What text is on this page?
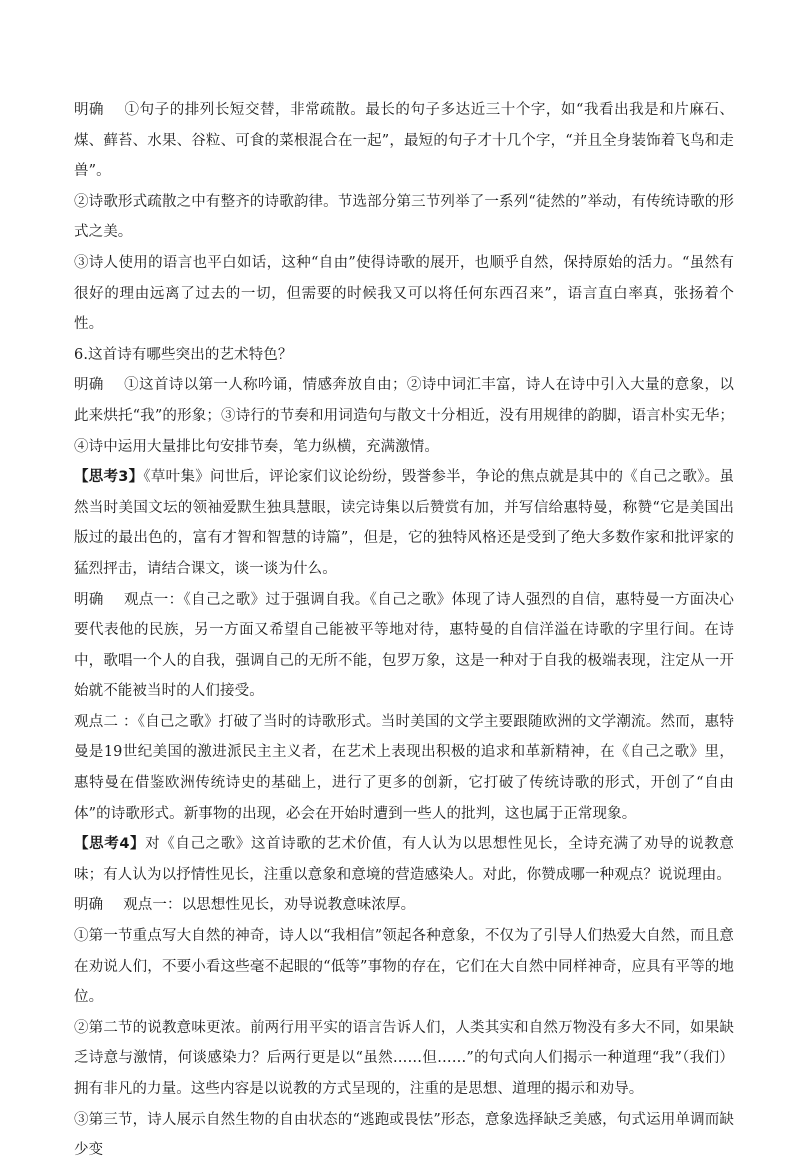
明确 ①句子的排列长短交替，非常疏散。最长的句子多达近三十个字，如“我看出我是和片麻石、煤、藓苔、水果、谷粒、可食的菜根混合在一起”，最短的句子才十几个字，“并且全身装饰着飞鸟和走兽”。

②诗歌形式疏散之中有整齐的诗歌韵律。节选部分第三节列举了一系列“徒然的”举动，有传统诗歌的形式之美。

③诗人使用的语言也平白如话，这种“自由”使得诗歌的展开，也顺乎自然，保持原始的活力。“虽然有很好的理由远离了过去的一切，但需要的时候我又可以将任何东西召来”，语言直白率真，张扬着个性。

6.这首诗有哪些突出的艺术特色？

明确 ①这首诗以第一人称吟诵，情感奔放自由；②诗中词汇丰富，诗人在诗中引入大量的意象，以此来烘托“我”的形象；③诗行的节奏和用词造句与散文十分相近，没有用规律的韵脚，语言朴实无华；④诗中运用大量排比句安排节奏，笔力纵横，充满激情。

【思考3】《草叶集》问世后，评论家们议论纷纷，毁誉参半，争论的焦点就是其中的《自己之歌》。虽然当时美国文坛的领袖爱默生独具慧眼，读完诗集以后赞赏有加，并写信给惠特曼，称赞“它是美国出版过的最出色的，富有才智和智慧的诗篇”，但是，它的独特风格还是受到了绝大多数作家和批评家的猛烈抨击，请结合课文，谈一谈为什么。

明确 观点一：《自己之歌》过于强调自我。《自己之歌》体现了诗人强烈的自信，惠特曼一方面决心要代表他的民族，另一方面又希望自己能被平等地对待，惠特曼的自信洋溢在诗歌的字里行间。在诗中，歌唱一个人的自我，强调自己的无所不能，包罗万象，这是一种对于自我的极端表现，注定从一开始就不能被当时的人们接受。

观点二 ：《自己之歌》打破了当时的诗歌形式。当时美国的文学主要跟随欧洲的文学潮流。然而，惠特曼是19世纪美国的激进派民主主义者，在艺术上表现出积极的追求和革新精神，在《自己之歌》里，惠特曼在借鉴欧洲传统诗史的基础上，进行了更多的创新，它打破了传统诗歌的形式，开创了“自由体”的诗歌形式。新事物的出现，必会在开始时遭到一些人的批判，这也属于正常现象。

【思考4】对《自己之歌》这首诗歌的艺术价值，有人认为以思想性见长，全诗充满了劝导的说教意味；有人认为以抒情性见长，注重以意象和意境的营造感染人。对此，你赞成哪一种观点？说说理由。

明确 观点一：以思想性见长，劝导说教意味浓厚。

①第一节重点写大自然的神奇，诗人以“我相信”领起各种意象，不仅为了引导人们热爱大自然，而且意在劝说人们，不要小看这些毫不起眼的“低等”事物的存在，它们在大自然中同样神奇，应具有平等的地位。

②第二节的说教意味更浓。前两行用平实的语言告诉人们，人类其实和自然万物没有多大不同，如果缺乏诗意与激情，何谈感染力？后两行更是以“虽然……但……”的句式向人们揭示一种道理“我”（我们）拥有非凡的力量。这些内容是以说教的方式呈现的，注重的是思想、道理的揭示和劝导。

③第三节，诗人展示自然生物的自由状态的“逃跑或畏怯”形态，意象选择缺乏美感，句式运用单调而缺少变
